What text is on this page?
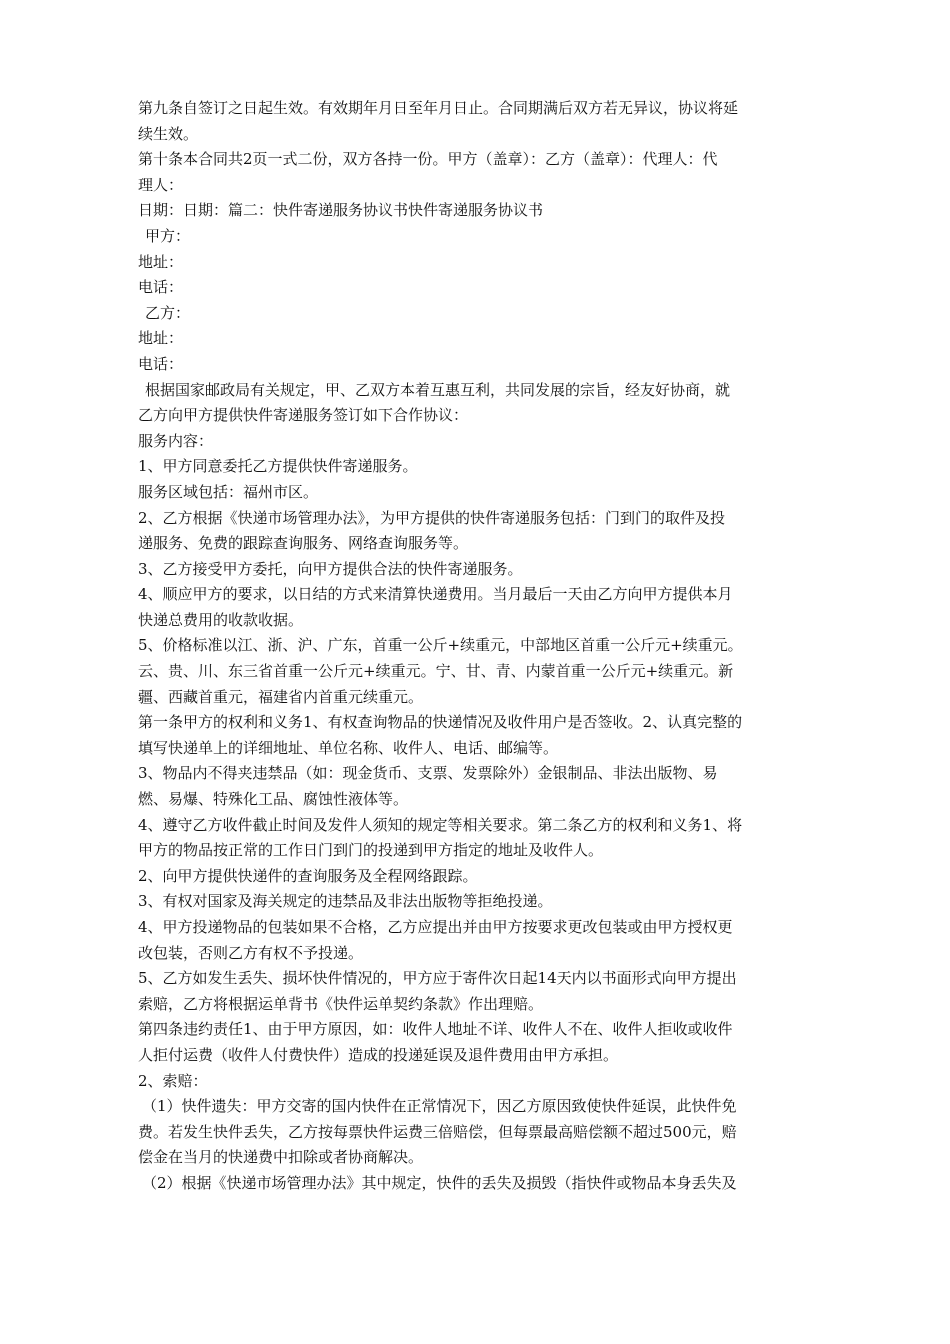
第九条自签订之日起生效。有效期年月日至年月日止。合同期满后双方若无异议，协议将延

续生效。

第十条本合同共2页一式二份，双方各持一份。甲方（盖章）：乙方（盖章）：代理人：代

理人：

日期：日期：篇二：快件寄递服务协议书快件寄递服务协议书

甲方：

地址：

电话：

乙方：

地址：

电话：

根据国家邮政局有关规定，甲、乙双方本着互惠互利，共同发展的宗旨，经友好协商，就

乙方向甲方提供快件寄递服务签订如下合作协议：

服务内容：

1、甲方同意委托乙方提供快件寄递服务。

服务区域包括：福州市区。

2、乙方根据《快递市场管理办法》，为甲方提供的快件寄递服务包括：门到门的取件及投

递服务、免费的跟踪查询服务、网络查询服务等。

3、乙方接受甲方委托，向甲方提供合法的快件寄递服务。

4、顺应甲方的要求，以日结的方式来清算快递费用。当月最后一天由乙方向甲方提供本月

快递总费用的收款收据。

5、价格标准以江、浙、沪、广东，首重一公斤+续重元，中部地区首重一公斤元+续重元。

云、贵、川、东三省首重一公斤元+续重元。宁、甘、青、内蒙首重一公斤元+续重元。新

疆、西藏首重元，福建省内首重元续重元。

第一条甲方的权利和义务1、有权查询物品的快递情况及收件用户是否签收。2、认真完整的

填写快递单上的详细地址、单位名称、收件人、电话、邮编等。

3、物品内不得夹违禁品（如：现金货币、支票、发票除外）金银制品、非法出版物、易

燃、易爆、特殊化工品、腐蚀性液体等。

4、遵守乙方收件截止时间及发件人须知的规定等相关要求。第二条乙方的权利和义务1、将

甲方的物品按正常的工作日门到门的投递到甲方指定的地址及收件人。

2、向甲方提供快递件的查询服务及全程网络跟踪。

3、有权对国家及海关规定的违禁品及非法出版物等拒绝投递。

4、甲方投递物品的包装如果不合格，乙方应提出并由甲方按要求更改包装或由甲方授权更

改包装，否则乙方有权不予投递。

5、乙方如发生丢失、损坏快件情况的，甲方应于寄件次日起14天内以书面形式向甲方提出

索赔，乙方将根据运单背书《快件运单契约条款》作出理赔。

第四条违约责任1、由于甲方原因，如：收件人地址不详、收件人不在、收件人拒收或收件

人拒付运费（收件人付费快件）造成的投递延误及退件费用由甲方承担。

2、索赔：

（1）快件遗失：甲方交寄的国内快件在正常情况下，因乙方原因致使快件延误，此快件免

费。若发生快件丢失，乙方按每票快件运费三倍赔偿，但每票最高赔偿额不超过500元，赔

偿金在当月的快递费中扣除或者协商解决。

（2）根据《快递市场管理办法》其中规定，快件的丢失及损毁（指快件或物品本身丢失及
